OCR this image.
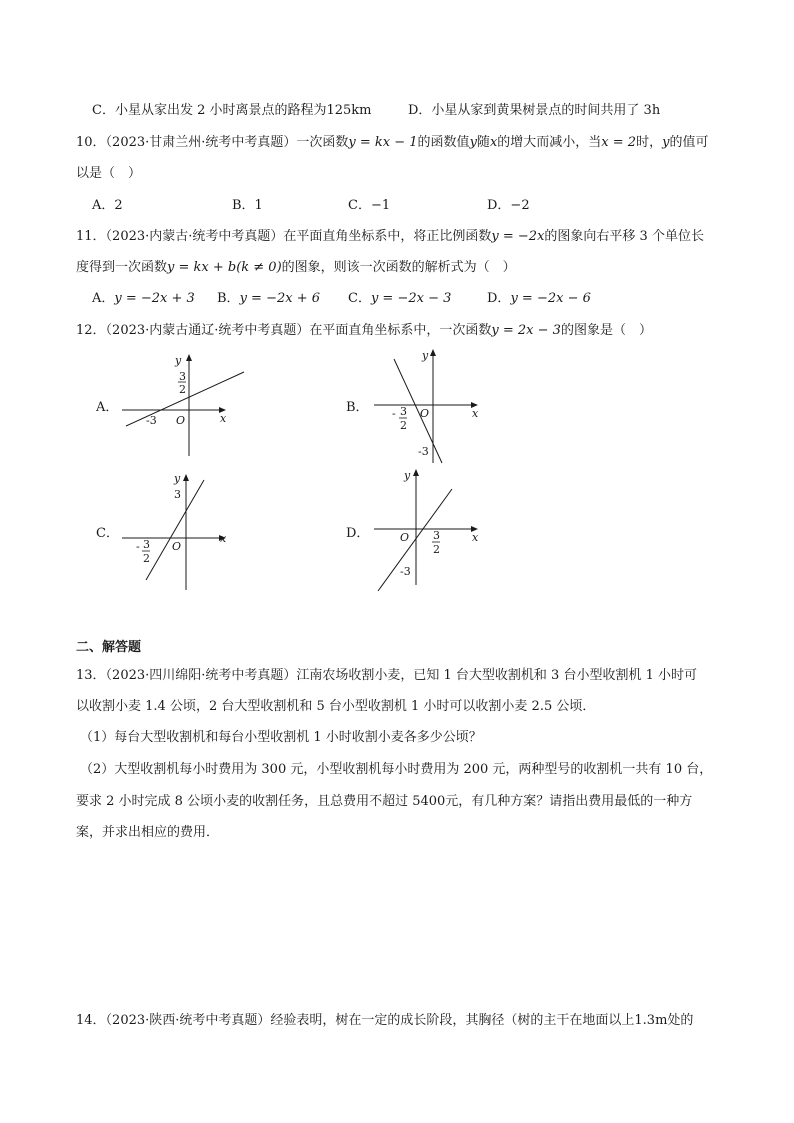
C．小星从家出发 2 小时离景点的路程为125km	D．小星从家到黄果树景点的时间共用了 3h
10．（2023·甘肃兰州·统考中考真题）一次函数y = kx − 1的函数值y随x的增大而减小，当x = 2时，y的值可
以是（　）
A．2	B．1	C．−1	D．−2
11．（2023·内蒙古·统考中考真题）在平面直角坐标系中，将正比例函数y = −2x的图象向右平移 3 个单位长
度得到一次函数y = kx + b(k ≠ 0)的图象，则该一次函数的解析式为（　）
A．y = −2x + 3 B．y = −2x + 6 C．y = −2x − 3	D．y = −2x − 6
12．（2023·内蒙古通辽·统考中考真题）在平面直角坐标系中，一次函数y = 2x − 3的图象是（　）
A．
x
y
O
-3
3
2
B．	x
y
O
- 3
2
-3
C．	x
y
O
3
- 3
2
D．	x
y
O 3
2
-3
二、解答题
13．（2023·四川绵阳·统考中考真题）江南农场收割小麦，已知 1 台大型收割机和 3 台小型收割机 1 小时可
以收割小麦 1.4 公顷，2 台大型收割机和 5 台小型收割机 1 小时可以收割小麦 2.5 公顷．
（1）每台大型收割机和每台小型收割机 1 小时收割小麦各多少公顷？
（2）大型收割机每小时费用为 300 元，小型收割机每小时费用为 200 元，两种型号的收割机一共有 10 台，
要求 2 小时完成 8 公顷小麦的收割任务，且总费用不超过 5400元，有几种方案？请指出费用最低的一种方
案，并求出相应的费用．
14．（2023·陕西·统考中考真题）经验表明，树在一定的成长阶段，其胸径（树的主干在地面以上1.3m处的
